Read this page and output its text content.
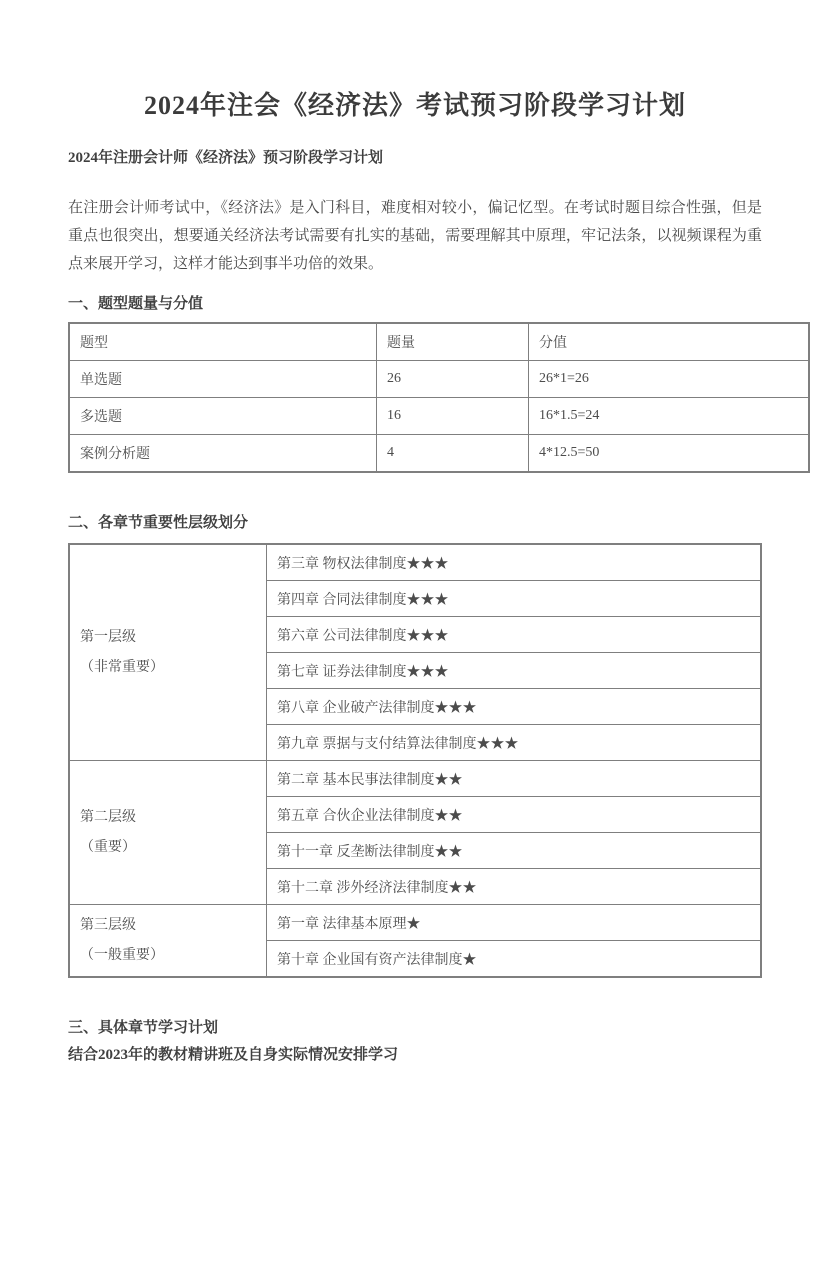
2024年注会《经济法》考试预习阶段学习计划
2024年注册会计师《经济法》预习阶段学习计划

在注册会计师考试中，《经济法》是入门科目，难度相对较小，偏记忆型。在考试时题目综合性强，但是重点也很突出，想要通关经济法考试需要有扎实的基础，需要理解其中原理，牢记法条，以视频课程为重点来展开学习，这样才能达到事半功倍的效果。

一、题型题量与分值
题型	题量	分值
单选题	26	26*1=26
多选题	16	16*1.5=24
案例分析题	4	4*12.5=50
二、各章节重要性层级划分
第一层级
（非常重要）	第三章 物权法律制度★★★
	第四章 合同法律制度★★★
	第六章 公司法律制度★★★
	第七章 证券法律制度★★★
	第八章 企业破产法律制度★★★
	第九章 票据与支付结算法律制度★★★

第二层级
（重要）	第二章 基本民事法律制度★★
	第五章 合伙企业法律制度★★
	第十一章 反垄断法律制度★★
	第十二章 涉外经济法律制度★★

第三层级
（一般重要）	第一章 法律基本原理★
	第十章 企业国有资产法律制度★
三、具体章节学习计划
结合2023年的教材精讲班及自身实际情况安排学习
